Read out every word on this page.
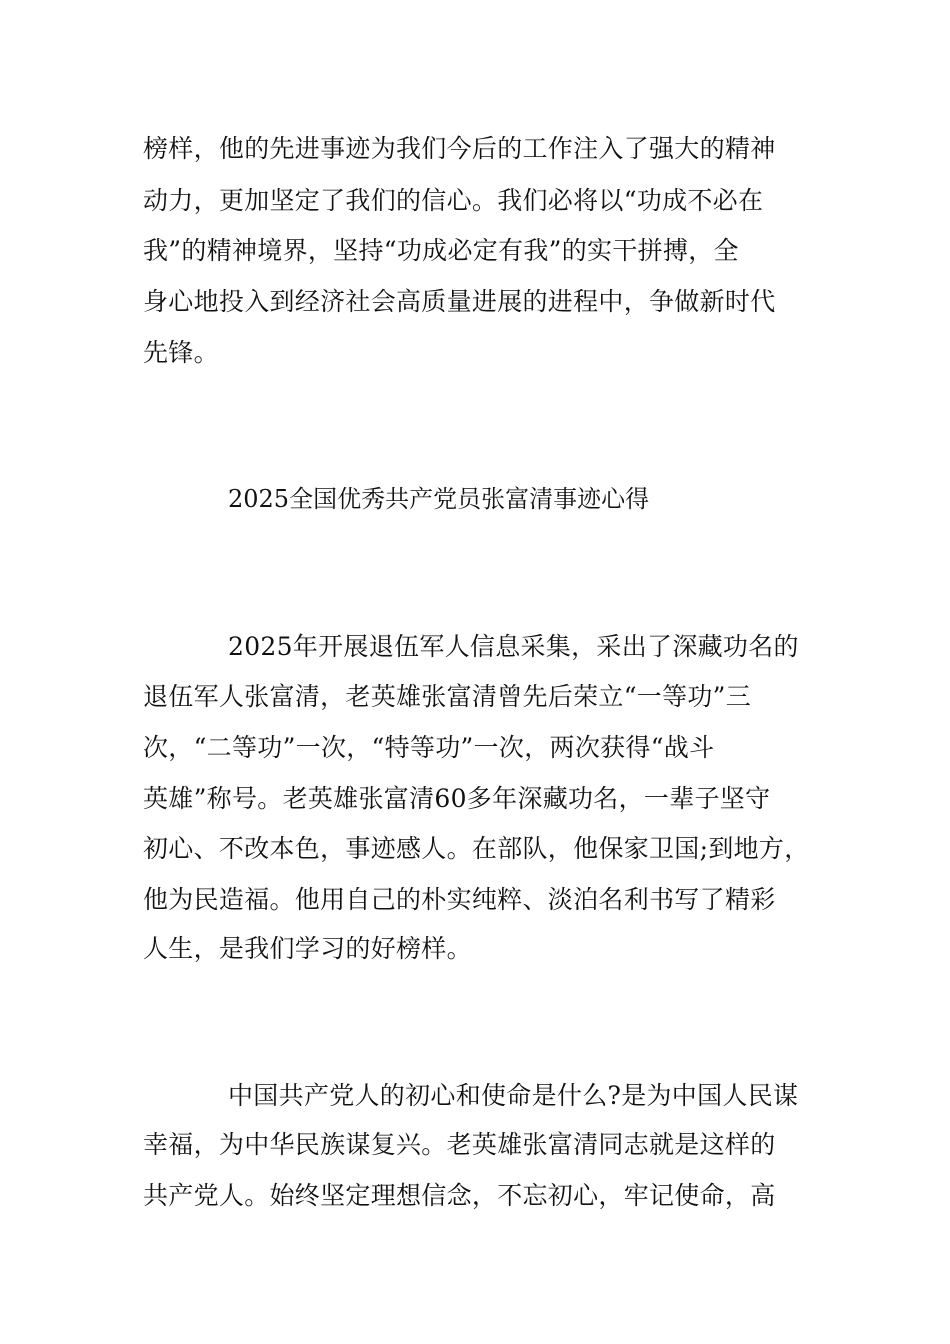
榜样，他的先进事迹为我们今后的工作注入了强大的精神
动力，更加坚定了我们的信心。我们必将以“功成不必在
我”的精神境界，坚持“功成必定有我”的实干拼搏，全
身心地投入到经济社会高质量进展的进程中，争做新时代
先锋。
2025全国优秀共产党员张富清事迹心得
2025年开展退伍军人信息采集，采出了深藏功名的
退伍军人张富清，老英雄张富清曾先后荣立“一等功”三
次，“二等功”一次，“特等功”一次，两次获得“战斗
英雄”称号。老英雄张富清60多年深藏功名，一辈子坚守
初心、不改本色，事迹感人。在部队，他保家卫国;到地方，
他为民造福。他用自己的朴实纯粹、淡泊名利书写了精彩
人生，是我们学习的好榜样。
中国共产党人的初心和使命是什么?是为中国人民谋
幸福，为中华民族谋复兴。老英雄张富清同志就是这样的
共产党人。始终坚定理想信念，不忘初心，牢记使命，高
